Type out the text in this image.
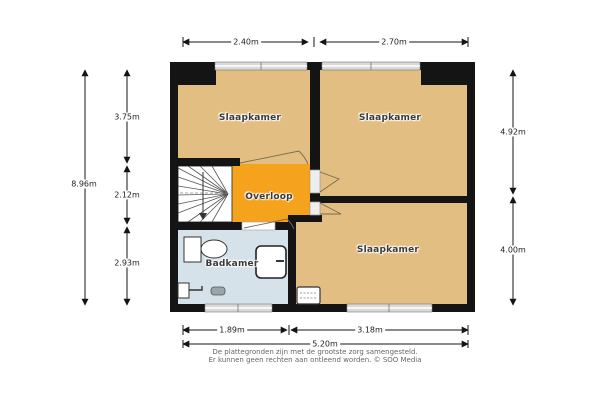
Slaapkamer	Slaapkamer
Slaapkamer
Overloop
Badkamer
2.40m	2.70m
8.96m
3.75m
2.12m
2.93m
4.92m
4.00m
1.89m	3.18m
5.20m
De plattegronden zijn met de grootste zorg samengesteld.
Er kunnen geen rechten aan ontleend worden. © SOO Media
